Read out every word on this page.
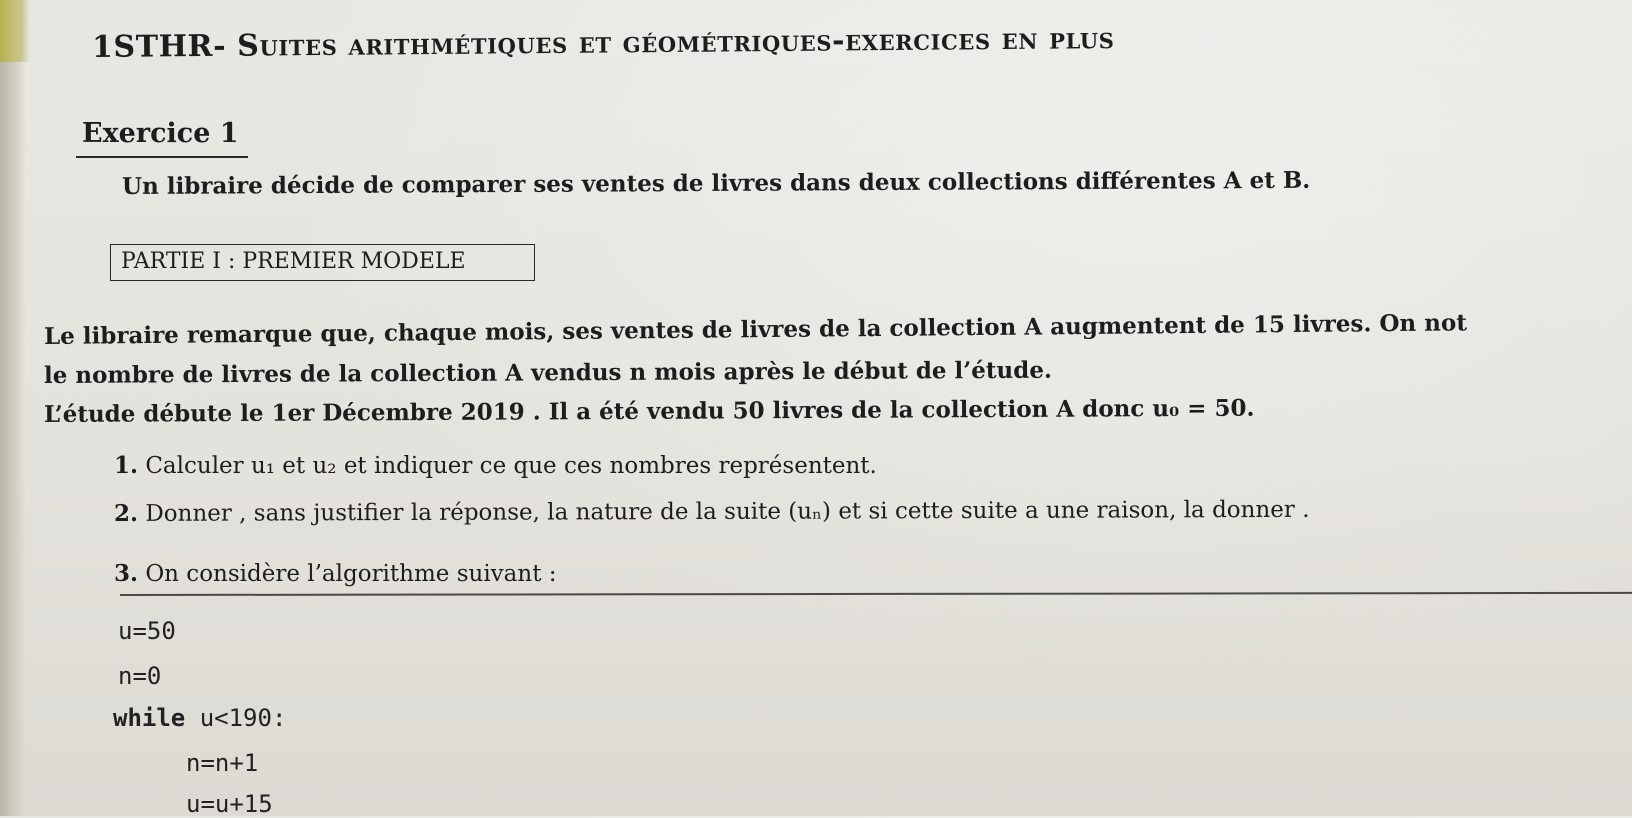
1STHR- Suites arithmétiques et géométriques-exercices en plus
Exercice 1
Un libraire décide de comparer ses ventes de livres dans deux collections différentes A et B.
PARTIE I : PREMIER MODELE
Le libraire remarque que, chaque mois, ses ventes de livres de la collection A augmentent de 15 livres. On not
le nombre de livres de la collection A vendus n mois après le début de l’étude.
L’étude débute le 1er Décembre 2019 . Il a été vendu 50 livres de la collection A donc u₀ = 50.
1. Calculer u₁ et u₂ et indiquer ce que ces nombres représentent.
2. Donner , sans justifier la réponse, la nature de la suite (uₙ) et si cette suite a une raison, la donner .
3. On considère l’algorithme suivant :
u=50
n=0
while u<190:
n=n+1
u=u+15
